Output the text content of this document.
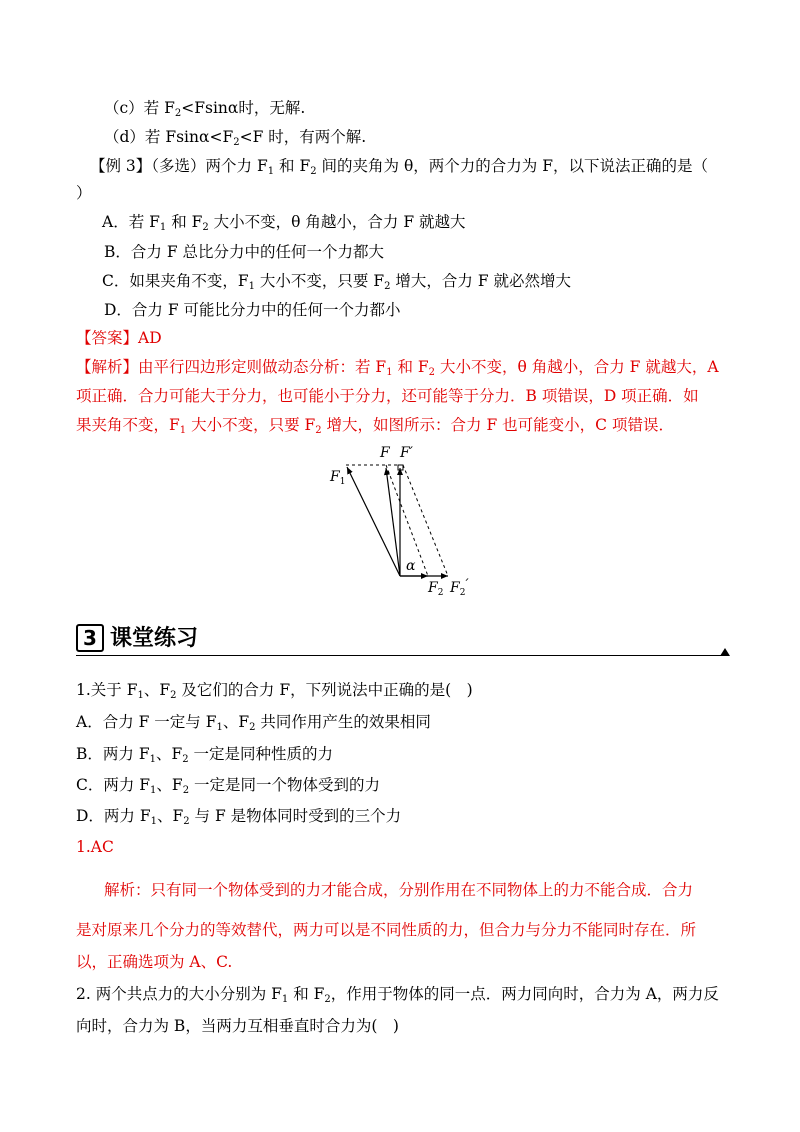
（c）若 $F_2<Fsin\alpha$时，无解.
（d）若 $Fsin\alpha<F_2<F$ 时，有两个解.
【例 3】（多选）两个力 $F_1$ 和 $F_2$ 间的夹角为 θ，两个力的合力为 F，以下说法正确的是（
）
A．若 $F_1$ 和 $F_2$ 大小不变，θ 角越小，合力 F 就越大
B．合力 F 总比分力中的任何一个力都大
C．如果夹角不变，$F_1$ 大小不变，只要 $F_2$ 增大，合力 F 就必然增大
D．合力 F 可能比分力中的任何一个力都小
【答案】AD
【解析】由平行四边形定则做动态分析：若 $F_1$ 和 $F_2$ 大小不变，θ 角越小，合力 F 就越大，A
项正确．合力可能大于分力，也可能小于分力，还可能等于分力．B 项错误，D 项正确．如
果夹角不变，$F_1$ 大小不变，只要 $F_2$ 增大，如图所示：合力 F 也可能变小，C 项错误．
F F′
$F_1$
α
$F_2$ $F_2'$
3 课堂练习
1.关于 $F_1$、$F_2$ 及它们的合力 F，下列说法中正确的是(　)
A．合力 F 一定与 $F_1$、$F_2$ 共同作用产生的效果相同
B．两力 $F_1$、$F_2$ 一定是同种性质的力
C．两力 $F_1$、$F_2$ 一定是同一个物体受到的力
D．两力 $F_1$、$F_2$ 与 F 是物体同时受到的三个力
1.AC
解析：只有同一个物体受到的力才能合成，分别作用在不同物体上的力不能合成．合力
是对原来几个分力的等效替代，两力可以是不同性质的力，但合力与分力不能同时存在．所
以，正确选项为 A、C.
2. 两个共点力的大小分别为 $F_1$ 和 $F_2$，作用于物体的同一点．两力同向时，合力为 A，两力反
向时，合力为 B，当两力互相垂直时合力为(　)
